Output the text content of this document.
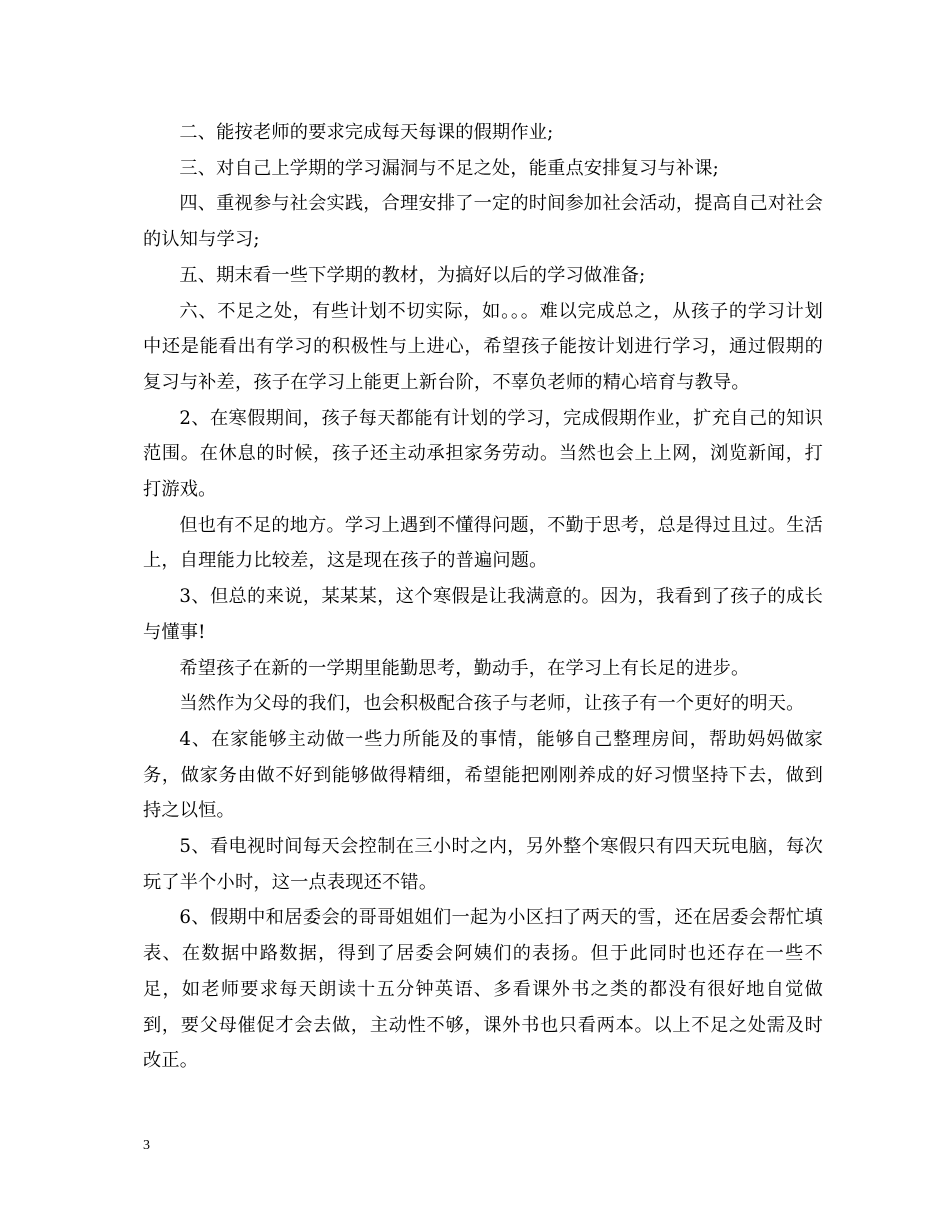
二、能按老师的要求完成每天每课的假期作业;

三、对自己上学期的学习漏洞与不足之处，能重点安排复习与补课;

四、重视参与社会实践，合理安排了一定的时间参加社会活动，提高自己对社会的认知与学习;

五、期末看一些下学期的教材，为搞好以后的学习做准备;

六、不足之处，有些计划不切实际，如。。。难以完成总之，从孩子的学习计划中还是能看出有学习的积极性与上进心，希望孩子能按计划进行学习，通过假期的复习与补差，孩子在学习上能更上新台阶，不辜负老师的精心培育与教导。

2、在寒假期间，孩子每天都能有计划的学习，完成假期作业，扩充自己的知识范围。在休息的时候，孩子还主动承担家务劳动。当然也会上上网，浏览新闻，打打游戏。

但也有不足的地方。学习上遇到不懂得问题，不勤于思考，总是得过且过。生活上，自理能力比较差，这是现在孩子的普遍问题。

3、但总的来说，某某某，这个寒假是让我满意的。因为，我看到了孩子的成长与懂事!

希望孩子在新的一学期里能勤思考，勤动手，在学习上有长足的进步。

当然作为父母的我们，也会积极配合孩子与老师，让孩子有一个更好的明天。

4、在家能够主动做一些力所能及的事情，能够自己整理房间，帮助妈妈做家务，做家务由做不好到能够做得精细，希望能把刚刚养成的好习惯坚持下去，做到持之以恒。

5、看电视时间每天会控制在三小时之内，另外整个寒假只有四天玩电脑，每次玩了半个小时，这一点表现还不错。

6、假期中和居委会的哥哥姐姐们一起为小区扫了两天的雪，还在居委会帮忙填表、在数据中路数据，得到了居委会阿姨们的表扬。但于此同时也还存在一些不足，如老师要求每天朗读十五分钟英语、多看课外书之类的都没有很好地自觉做到，要父母催促才会去做，主动性不够，课外书也只看两本。以上不足之处需及时改正。

3
